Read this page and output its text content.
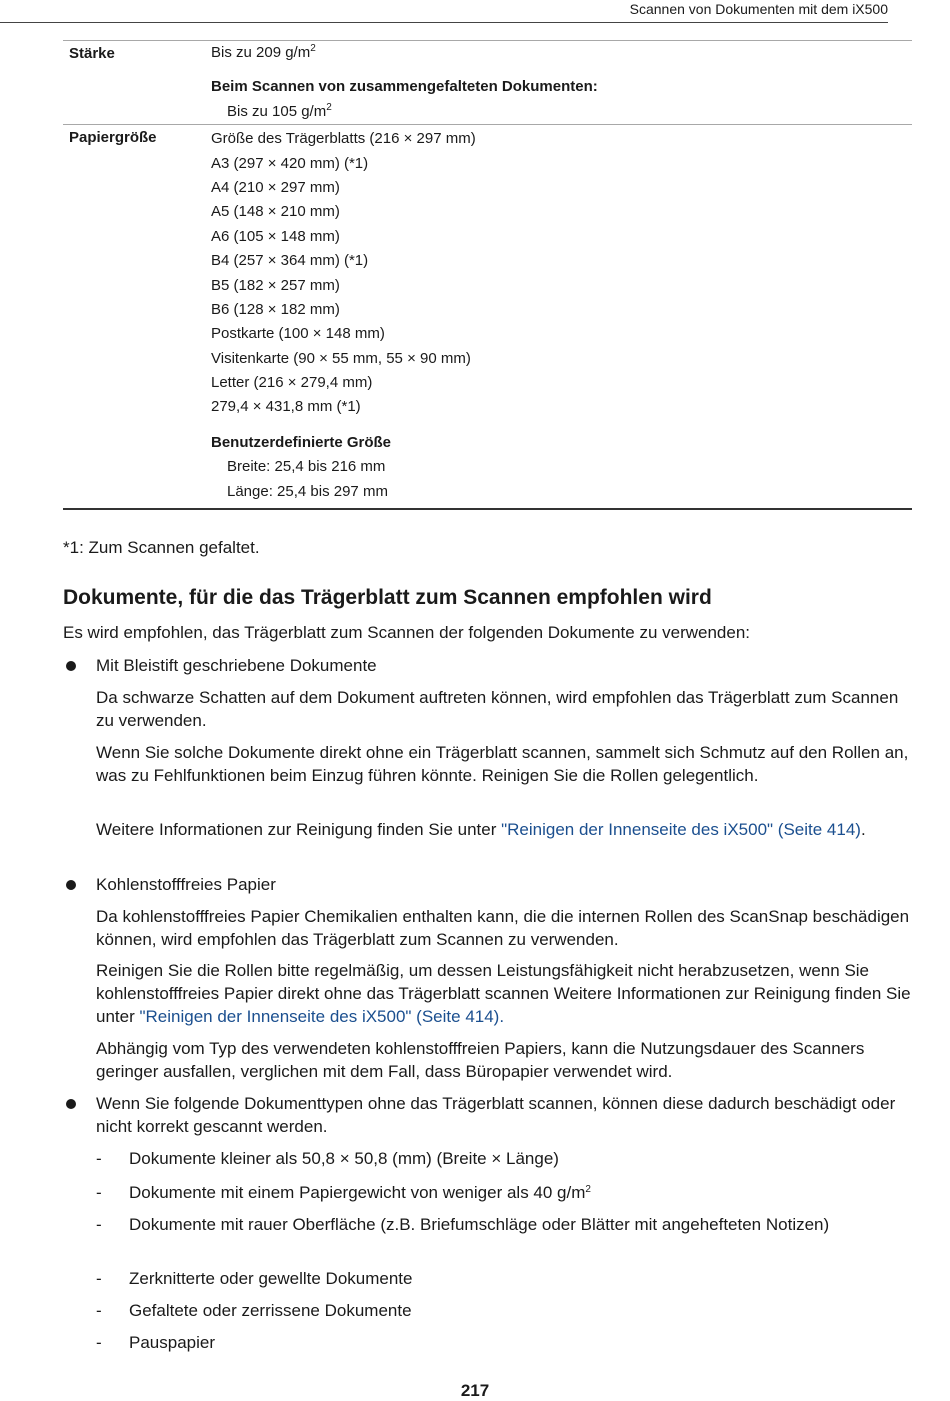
Scannen von Dokumenten mit dem iX500
Stärke	Bis zu 209 $g/m^2$
Beim Scannen von zusammengefalteten Dokumenten:
Bis zu 105 $g/m^2$
Papiergröße	Größe des Trägerblatts (216 × 297 mm)
A3 (297 × 420 mm) (*1)
A4 (210 × 297 mm)
A5 (148 × 210 mm)
A6 (105 × 148 mm)
B4 (257 × 364 mm) (*1)
B5 (182 × 257 mm)
B6 (128 × 182 mm)
Postkarte (100 × 148 mm)
Visitenkarte (90 × 55 mm, 55 × 90 mm)
Letter (216 × 279,4 mm)
279,4 × 431,8 mm (*1)
Benutzerdefinierte Größe
Breite: 25,4 bis 216 mm
Länge: 25,4 bis 297 mm
*1: Zum Scannen gefaltet.
Dokumente, für die das Trägerblatt zum Scannen empfohlen wird
Es wird empfohlen, das Trägerblatt zum Scannen der folgenden Dokumente zu verwenden:
Mit Bleistift geschriebene Dokumente
Da schwarze Schatten auf dem Dokument auftreten können, wird empfohlen das Trägerblatt zum Scannen zu verwenden.
Wenn Sie solche Dokumente direkt ohne ein Trägerblatt scannen, sammelt sich Schmutz auf den Rollen an, was zu Fehlfunktionen beim Einzug führen könnte. Reinigen Sie die Rollen gelegentlich.
Weitere Informationen zur Reinigung finden Sie unter "Reinigen der Innenseite des iX500" (Seite 414).
Kohlenstofffreies Papier
Da kohlenstofffreies Papier Chemikalien enthalten kann, die die internen Rollen des ScanSnap beschädigen können, wird empfohlen das Trägerblatt zum Scannen zu verwenden.
Reinigen Sie die Rollen bitte regelmäßig, um dessen Leistungsfähigkeit nicht herabzusetzen, wenn Sie kohlenstofffreies Papier direkt ohne das Trägerblatt scannen Weitere Informationen zur Reinigung finden Sie unter "Reinigen der Innenseite des iX500" (Seite 414).
Abhängig vom Typ des verwendeten kohlenstofffreien Papiers, kann die Nutzungsdauer des Scanners geringer ausfallen, verglichen mit dem Fall, dass Büropapier verwendet wird.
Wenn Sie folgende Dokumenttypen ohne das Trägerblatt scannen, können diese dadurch beschädigt oder nicht korrekt gescannt werden.
- Dokumente kleiner als 50,8 × 50,8 (mm) (Breite × Länge)
- Dokumente mit einem Papiergewicht von weniger als 40 $g/m^2$
- Dokumente mit rauer Oberfläche (z.B. Briefumschläge oder Blätter mit angehefteten Notizen)
- Zerknitterte oder gewellte Dokumente
- Gefaltete oder zerrissene Dokumente
- Pauspapier
217
